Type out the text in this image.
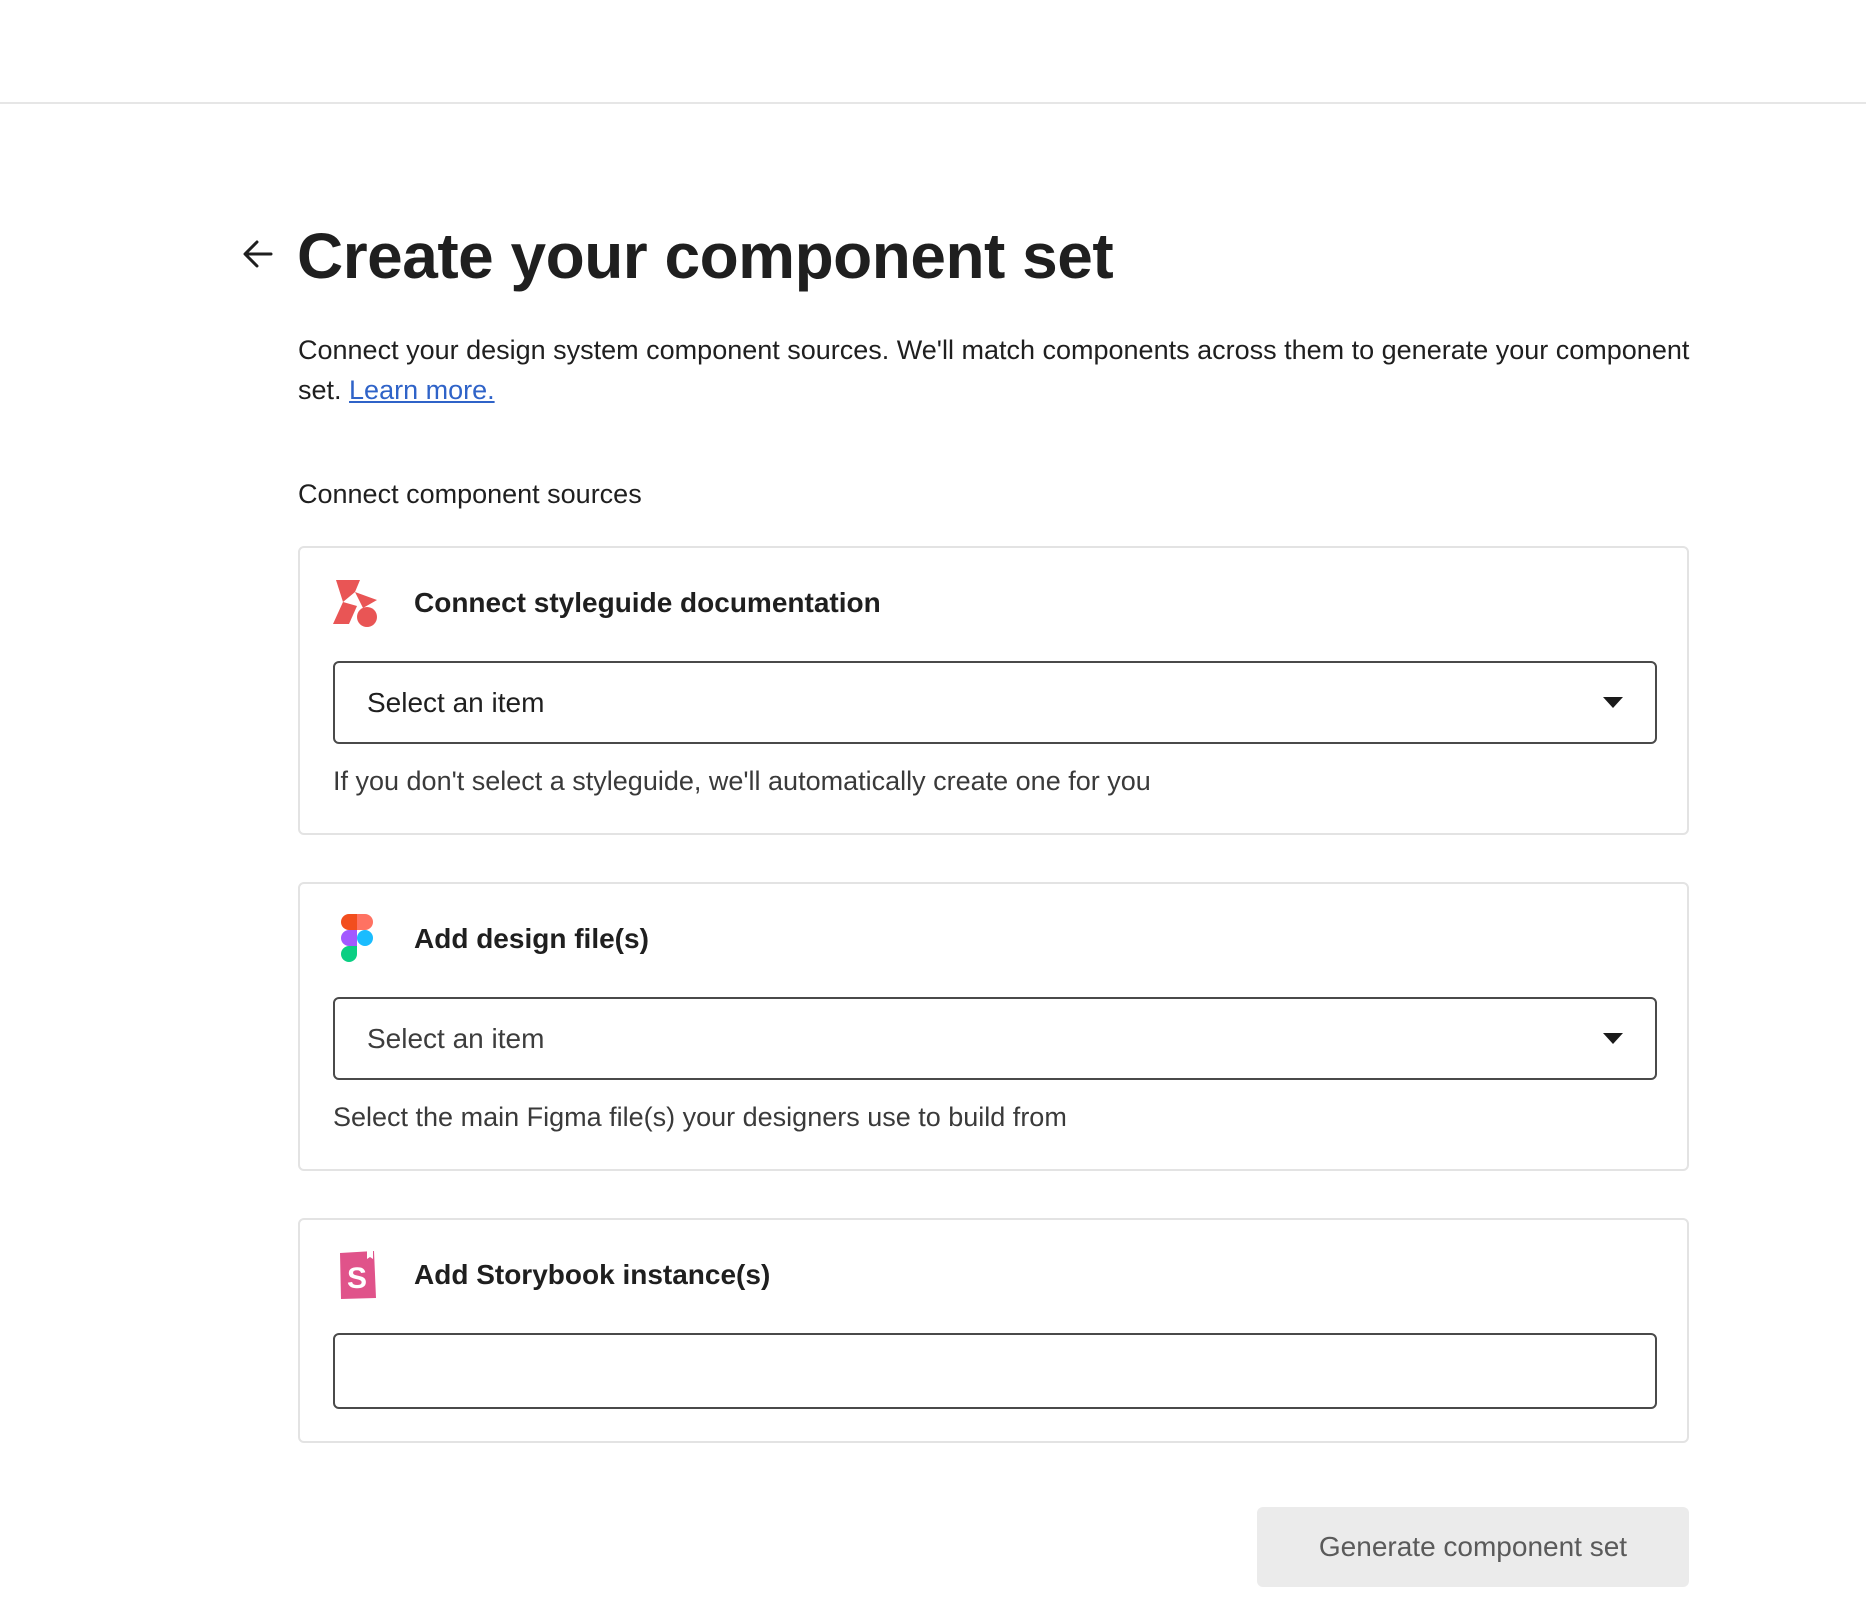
Create your component set
Connect your design system component sources. We'll match components across them to generate your component set. Learn more.
Connect component sources
Connect styleguide documentation
Select an item
If you don't select a styleguide, we'll automatically create one for you
Add design file(s)
Select an item
Select the main Figma file(s) your designers use to build from
S Add Storybook instance(s)
Generate component set
